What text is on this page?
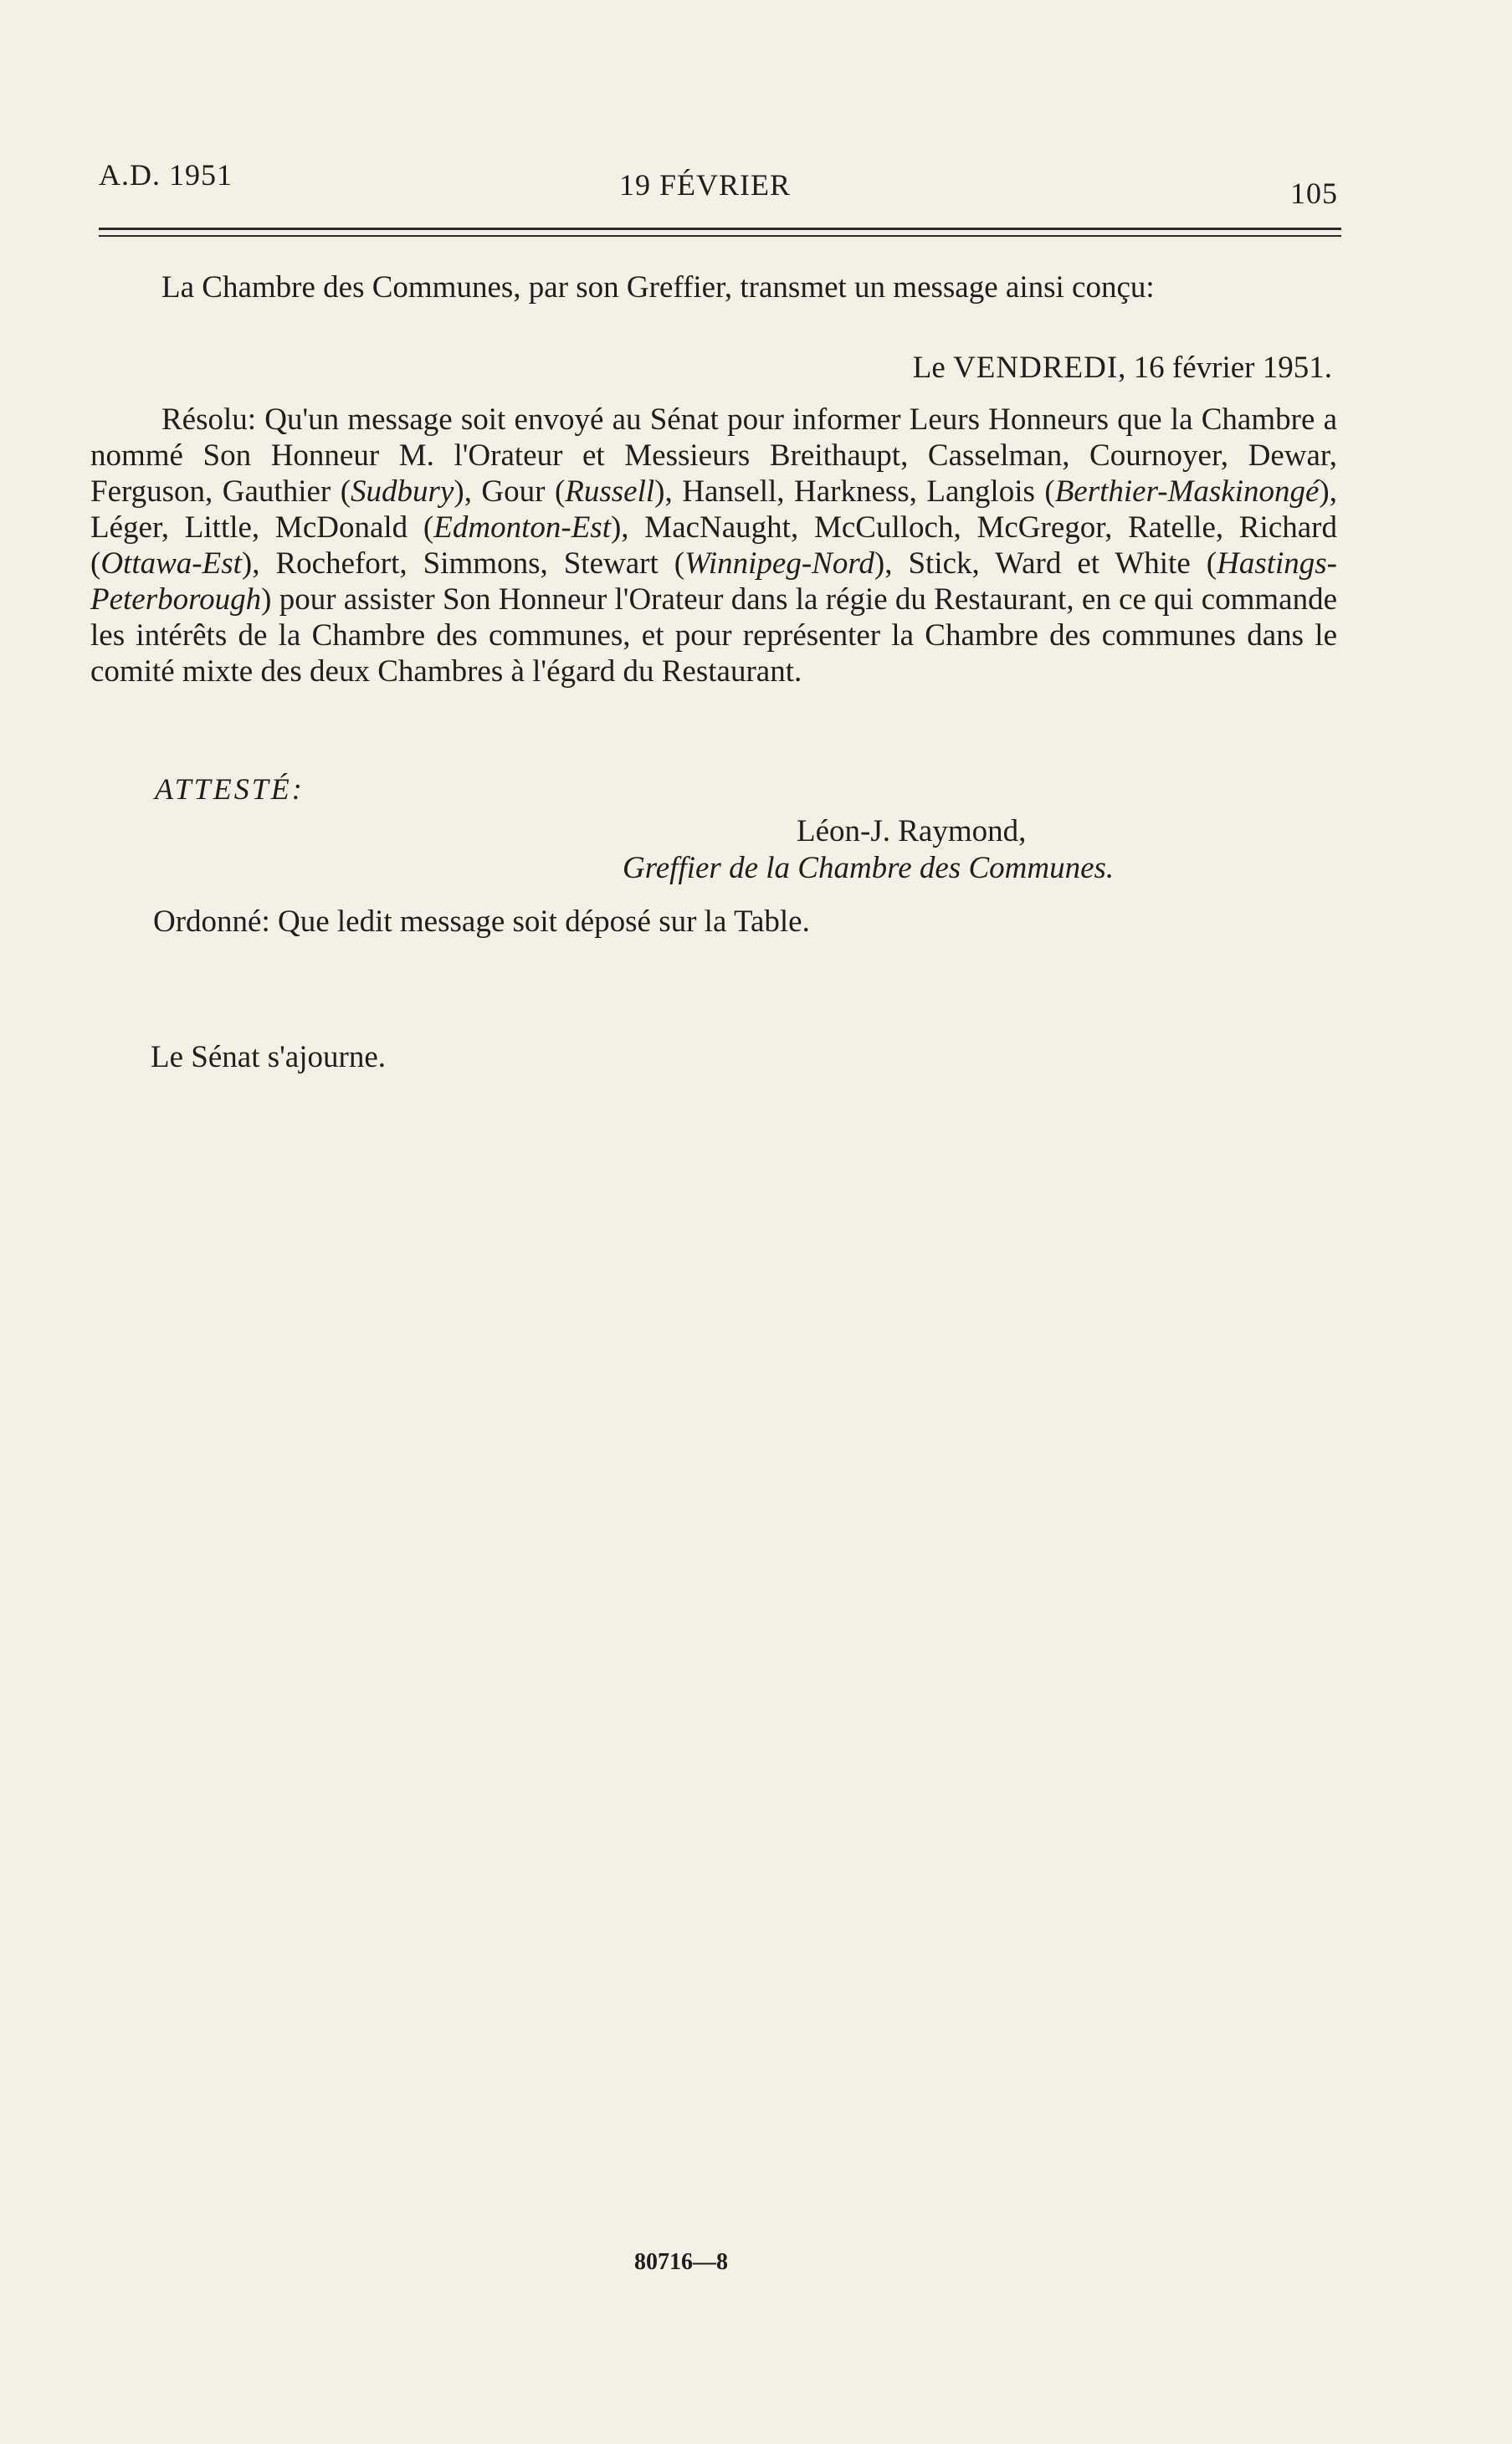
A.D. 1951	19 FÉVRIER	105
La Chambre des Communes, par son Greffier, transmet un message ainsi conçu:
Le VENDREDI, 16 février 1951.
Résolu: Qu'un message soit envoyé au Sénat pour informer Leurs Honneurs que la Chambre a nommé Son Honneur M. l'Orateur et Messieurs Breithaupt, Casselman, Cournoyer, Dewar, Ferguson, Gauthier (Sudbury), Gour (Russell), Hansell, Harkness, Langlois (Berthier-Maskinongé), Léger, Little, McDonald (Edmonton-Est), MacNaught, McCulloch, McGregor, Ratelle, Richard (Ottawa-Est), Rochefort, Simmons, Stewart (Winnipeg-Nord), Stick, Ward et White (Hastings-Peterborough) pour assister Son Honneur l'Orateur dans la régie du Restaurant, en ce qui commande les intérêts de la Chambre des communes, et pour représenter la Chambre des communes dans le comité mixte des deux Chambres à l'égard du Restaurant.
ATTESTÉ:
Léon-J. Raymond,
Greffier de la Chambre des Communes.
Ordonné: Que ledit message soit déposé sur la Table.
Le Sénat s'ajourne.
80716—8
